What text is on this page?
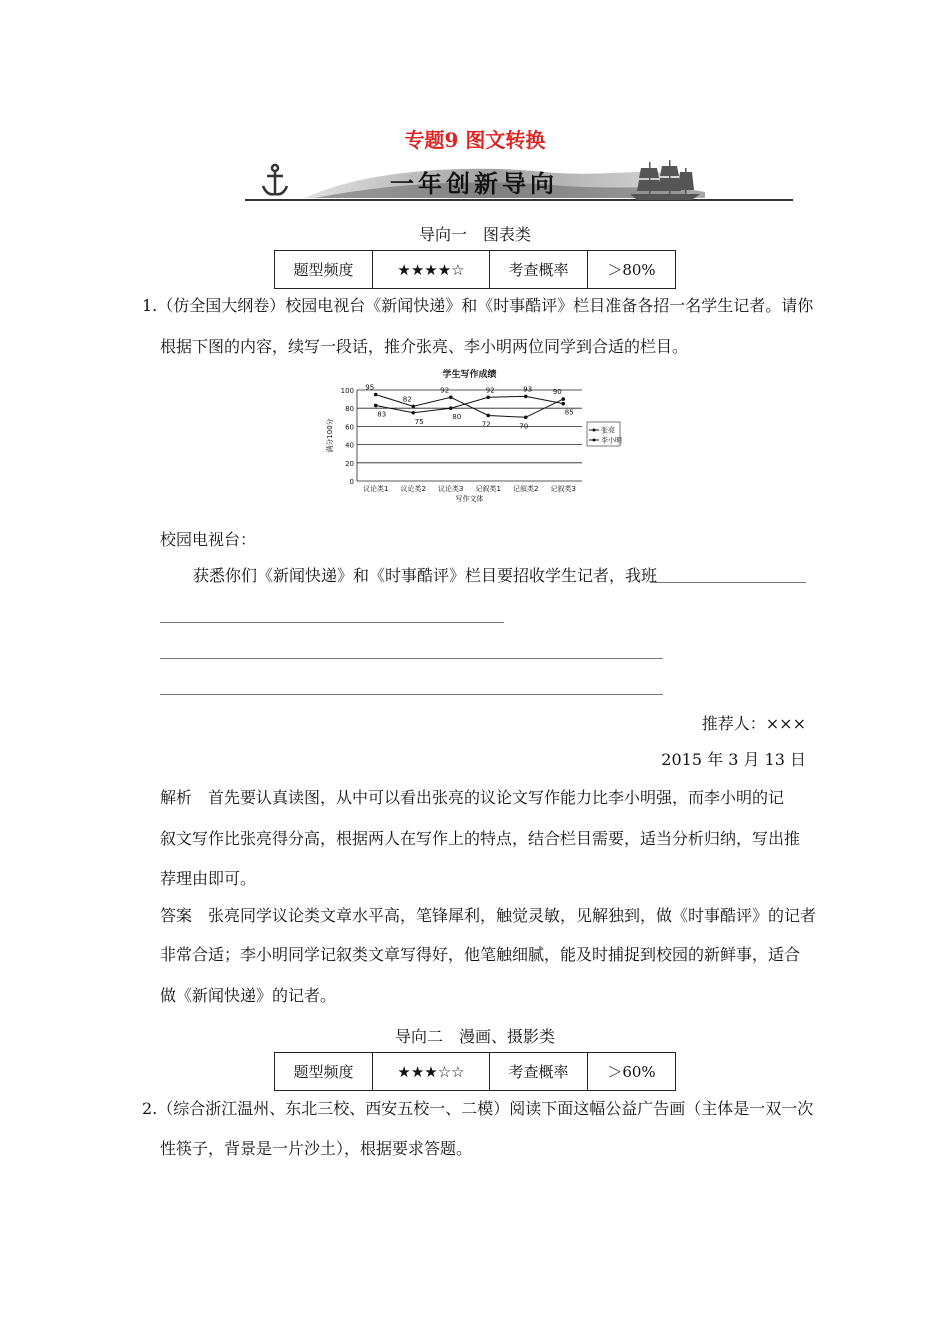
专题9 图文转换
一年创新导向
导向一　图表类
题型频度	★★★★☆	考查概率	＞80%
1.（仿全国大纲卷）校园电视台《新闻快递》和《时事酷评》栏目准备各招一名学生记者。请你
根据下图的内容，续写一段话，推介张亮、李小明两位同学到合适的栏目。
学生写作成绩
0
20
40
60
80
100
满分100分
议论类1 议论类2 议论类3 记叙类1 记叙类2 记叙类3
写作文体
95
82
92
72	70
90
83
75
80
92	93
85
张亮
李小明
校园电视台：
获悉你们《新闻快递》和《时事酷评》栏目要招收学生记者，我班
推荐人：×××
2015 年 3 月 13 日
解析　首先要认真读图，从中可以看出张亮的议论文写作能力比李小明强，而李小明的记
叙文写作比张亮得分高，根据两人在写作上的特点，结合栏目需要，适当分析归纳，写出推
荐理由即可。
答案　张亮同学议论类文章水平高，笔锋犀利，触觉灵敏，见解独到，做《时事酷评》的记者
非常合适；李小明同学记叙类文章写得好，他笔触细腻，能及时捕捉到校园的新鲜事，适合
做《新闻快递》的记者。
导向二　漫画、摄影类
题型频度	★★★☆☆	考查概率	＞60%
2.（综合浙江温州、东北三校、西安五校一、二模）阅读下面这幅公益广告画（主体是一双一次
性筷子，背景是一片沙土），根据要求答题。
